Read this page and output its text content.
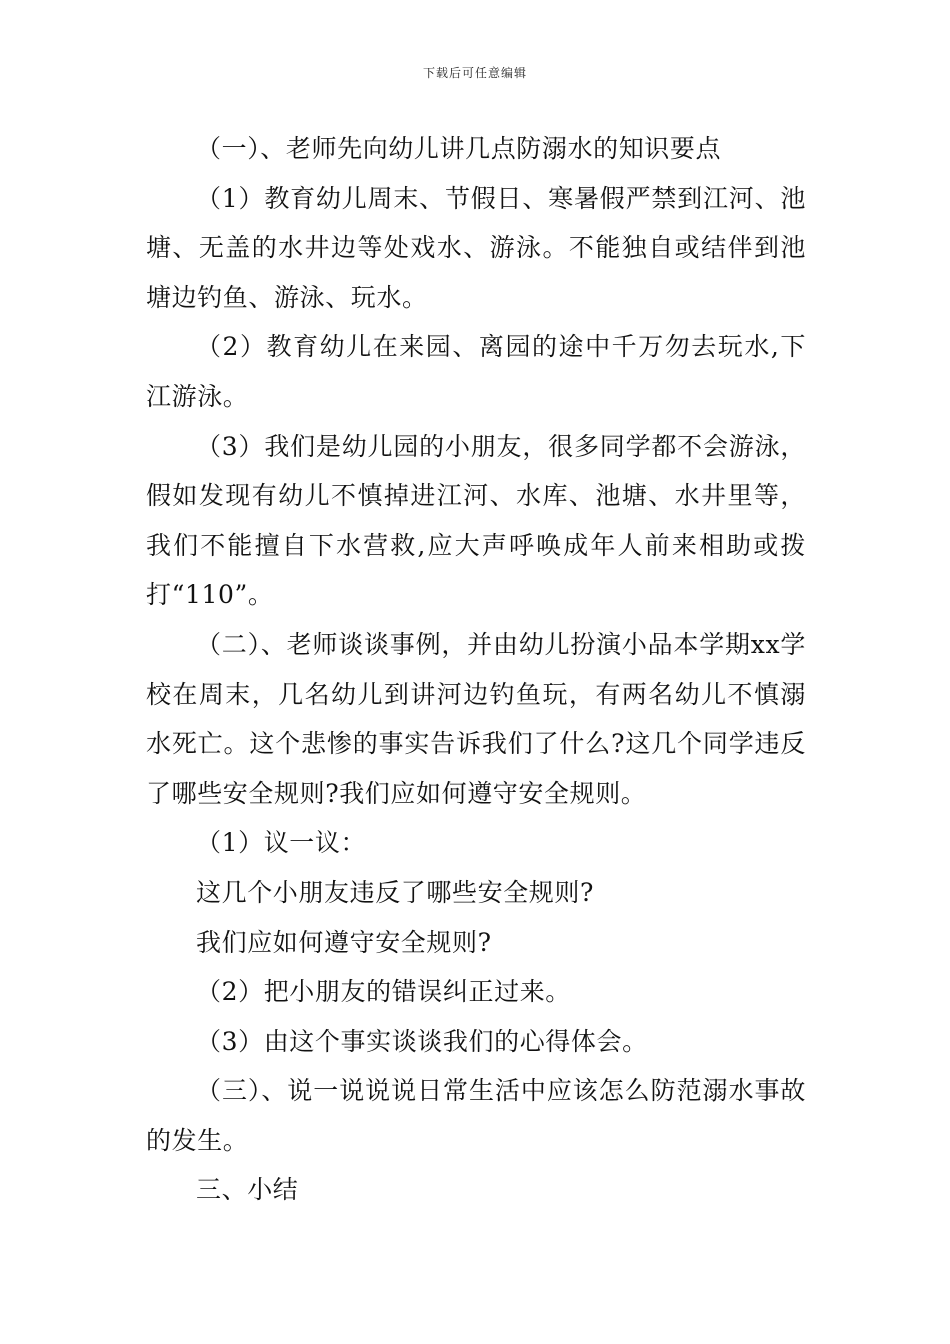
下载后可任意编辑

（一）、老师先向幼儿讲几点防溺水的知识要点

（1）教育幼儿周末、节假日、寒暑假严禁到江河、池塘、无盖的水井边等处戏水、游泳。不能独自或结伴到池塘边钓鱼、游泳、玩水。

（2）教育幼儿在来园、离园的途中千万勿去玩水,下江游泳。

（3）我们是幼儿园的小朋友，很多同学都不会游泳，假如发现有幼儿不慎掉进江河、水库、池塘、水井里等，我们不能擅自下水营救,应大声呼唤成年人前来相助或拨打“110”。

（二）、老师谈谈事例，并由幼儿扮演小品本学期xx学校在周末，几名幼儿到讲河边钓鱼玩，有两名幼儿不慎溺水死亡。这个悲惨的事实告诉我们了什么?这几个同学违反了哪些安全规则?我们应如何遵守安全规则。

（1）议一议：

这几个小朋友违反了哪些安全规则?

我们应如何遵守安全规则?

（2）把小朋友的错误纠正过来。

（3）由这个事实谈谈我们的心得体会。

（三）、说一说说说日常生活中应该怎么防范溺水事故的发生。

三、小结
